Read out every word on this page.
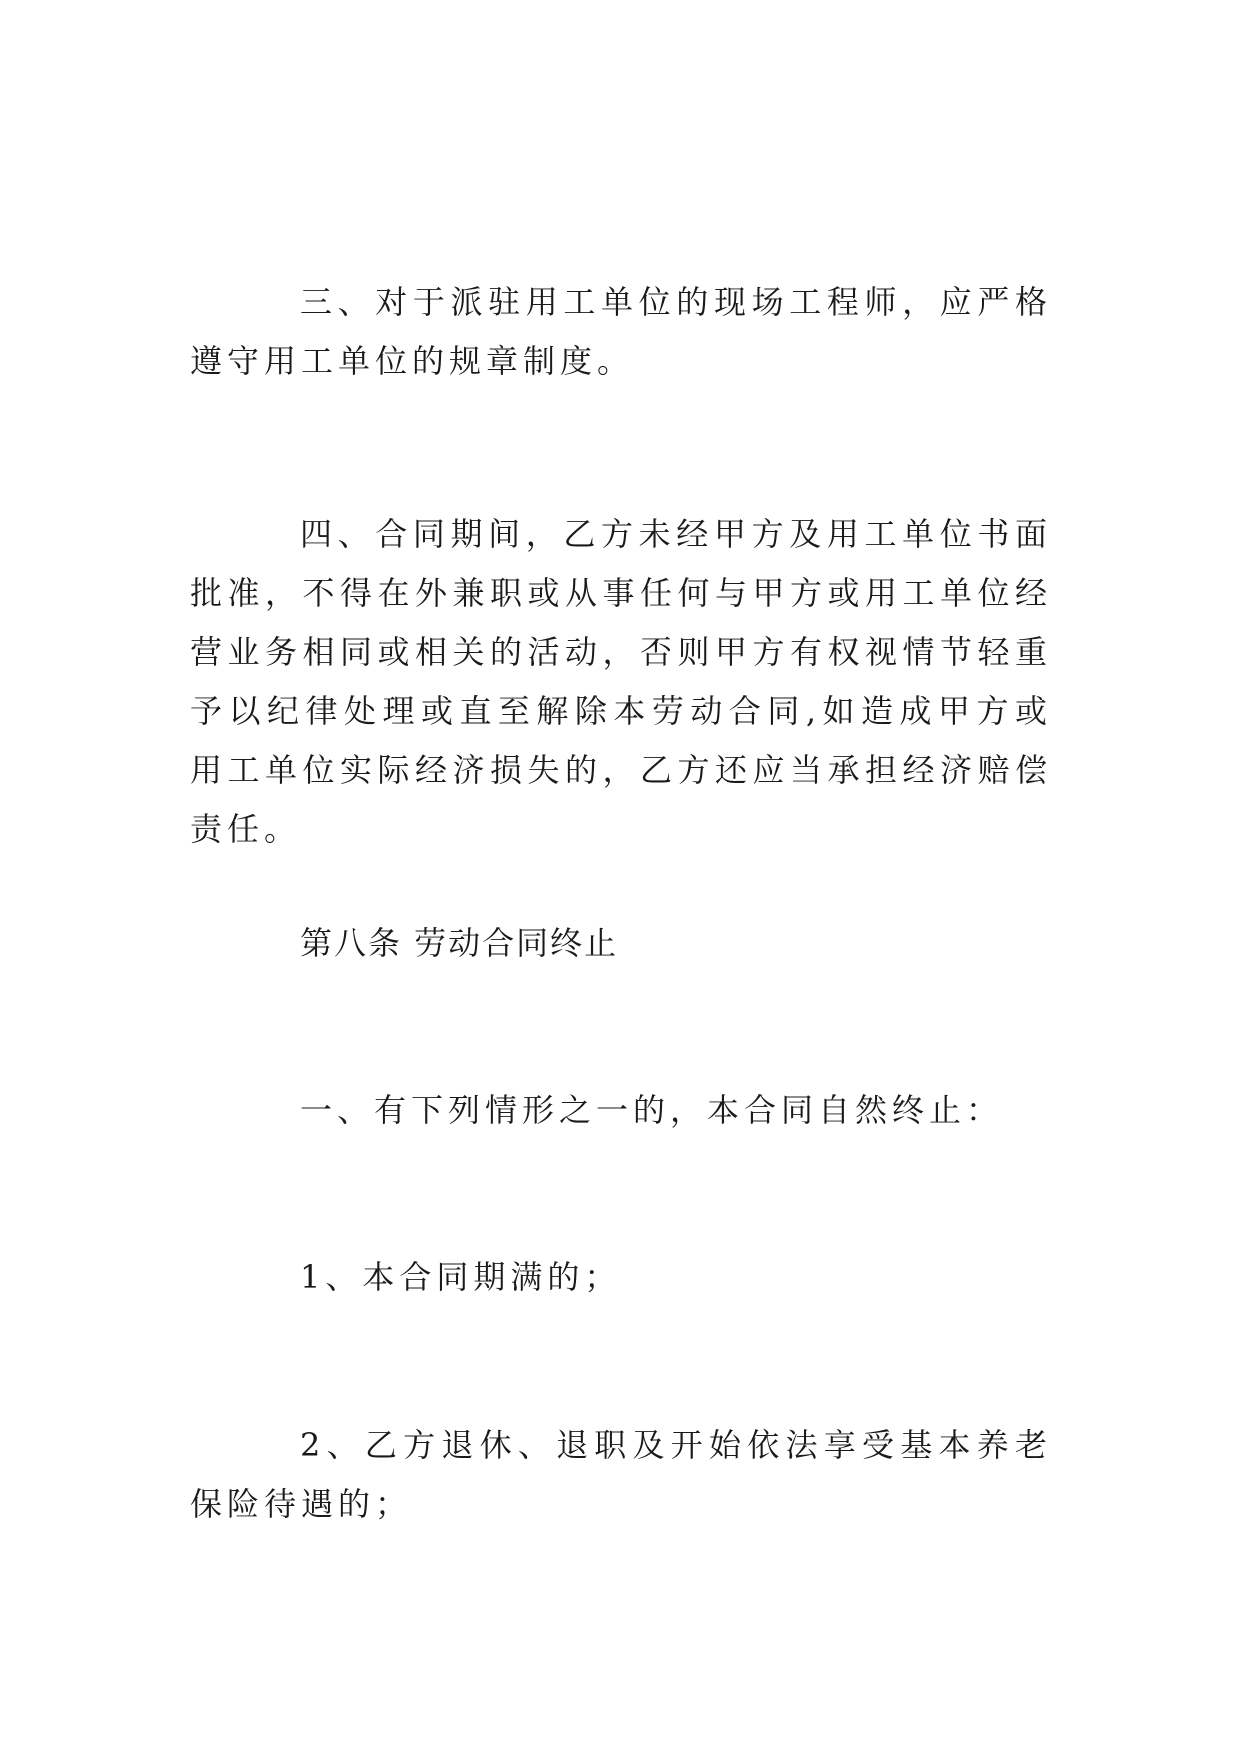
三、对于派驻用工单位的现场工程师，应严格遵守用工单位的规章制度。

四、合同期间，乙方未经甲方及用工单位书面批准，不得在外兼职或从事任何与甲方或用工单位经营业务相同或相关的活动，否则甲方有权视情节轻重予以纪律处理或直至解除本劳动合同,如造成甲方或用工单位实际经济损失的，乙方还应当承担经济赔偿责任。

第八条 劳动合同终止

一、有下列情形之一的，本合同自然终止：

1、本合同期满的；

2、乙方退休、退职及开始依法享受基本养老保险待遇的；
